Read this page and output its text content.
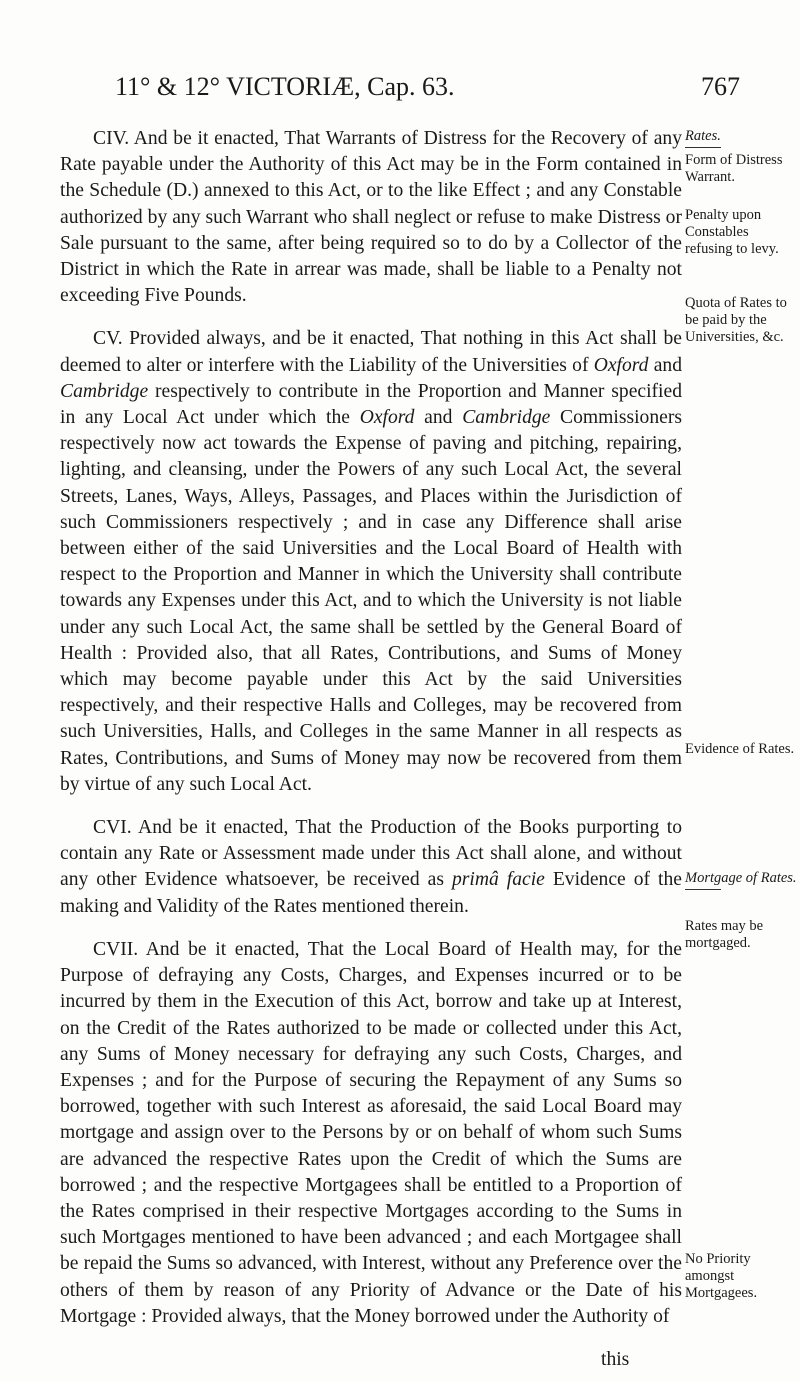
11° & 12° VICTORIÆ, Cap. 63.	767

CIV. And be it enacted, That Warrants of Distress for the Recovery of any Rate payable under the Authority of this Act may be in the Form contained in the Schedule (D.) annexed to this Act, or to the like Effect ; and any Constable authorized by any such Warrant who shall neglect or refuse to make Distress or Sale pursuant to the same, after being required so to do by a Collector of the District in which the Rate in arrear was made, shall be liable to a Penalty not exceeding Five Pounds.

CV. Provided always, and be it enacted, That nothing in this Act shall be deemed to alter or interfere with the Liability of the Universities of Oxford and Cambridge respectively to contribute in the Proportion and Manner specified in any Local Act under which the Oxford and Cambridge Commissioners respectively now act towards the Expense of paving and pitching, repairing, lighting, and cleansing, under the Powers of any such Local Act, the several Streets, Lanes, Ways, Alleys, Passages, and Places within the Jurisdiction of such Commissioners respectively ; and in case any Difference shall arise between either of the said Universities and the Local Board of Health with respect to the Proportion and Manner in which the University shall contribute towards any Expenses under this Act, and to which the University is not liable under any such Local Act, the same shall be settled by the General Board of Health : Provided also, that all Rates, Contributions, and Sums of Money which may become payable under this Act by the said Universities respectively, and their respective Halls and Colleges, may be recovered from such Universities, Halls, and Colleges in the same Manner in all respects as Rates, Contributions, and Sums of Money may now be recovered from them by virtue of any such Local Act.

CVI. And be it enacted, That the Production of the Books purporting to contain any Rate or Assessment made under this Act shall alone, and without any other Evidence whatsoever, be received as primâ facie Evidence of the making and Validity of the Rates mentioned therein.

CVII. And be it enacted, That the Local Board of Health may, for the Purpose of defraying any Costs, Charges, and Expenses incurred or to be incurred by them in the Execution of this Act, borrow and take up at Interest, on the Credit of the Rates authorized to be made or collected under this Act, any Sums of Money necessary for defraying any such Costs, Charges, and Expenses ; and for the Purpose of securing the Repayment of any Sums so borrowed, together with such Interest as aforesaid, the said Local Board may mortgage and assign over to the Persons by or on behalf of whom such Sums are advanced the respective Rates upon the Credit of which the Sums are borrowed ; and the respective Mortgagees shall be entitled to a Proportion of the Rates comprised in their respective Mortgages according to the Sums in such Mortgages mentioned to have been advanced ; and each Mortgagee shall be repaid the Sums so advanced, with Interest, without any Preference over the others of them by reason of any Priority of Advance or the Date of his Mortgage : Provided always, that the Money borrowed under the Authority of

this
Rates.
Form of Distress Warrant.
Penalty upon Constables refusing to levy.
Quota of Rates to be paid by the Universities, &c.
Evidence of Rates.
Mortgage of Rates.
Rates may be mortgaged.
No Priority amongst Mortgagees.
